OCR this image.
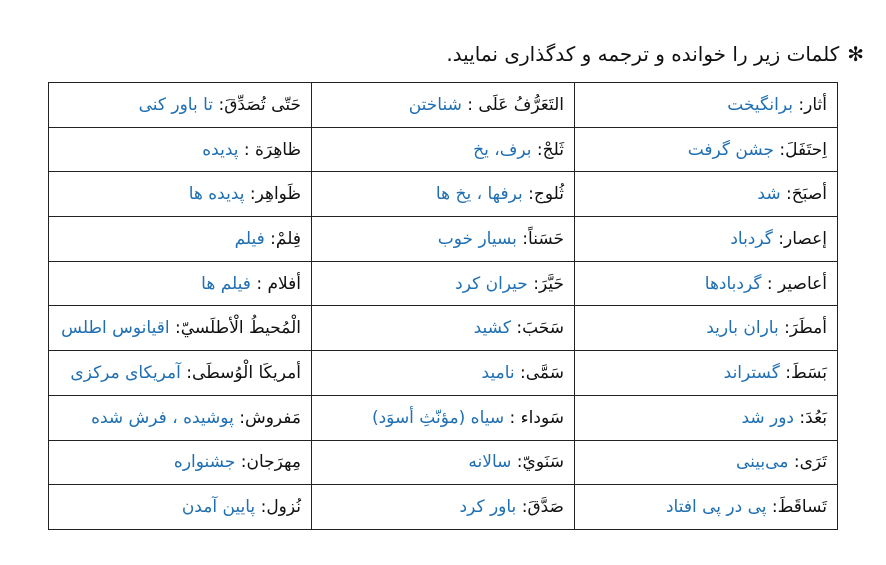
✻کلمات زیر را خوانده و ترجمه و کدگذاری نمایید.
أثار: برانگیخت	التَعَرُّفُ عَلَی : شناختن	حَتّی تُصَدِّقَ: تا باور کنی
اِحتَفَلَ: جشن گرفت	ثَلجْ: برف، یخ	ظاهِرَة : پدیده
أصبَحَ: شد	ثُلوج: برفها ، یخ ها	ظَواهِر: پدیده ها
إعصار: گردباد	حَسَناً: بسیار خوب	فِلمْ: فیلم
أعاصیر : گردبادها	حَیَّرَ: حیران کرد	أفلام : فیلم ها
أمطَرَ: باران بارید	سَحَبَ: کشید	الْمُحیطُ الْأطلَسيّ: اقیانوس اطلس
بَسَطَ: گستراند	سَمَّی: نامید	أمريكَا الْوُسطَی: آمریکای مرکزی
بَعُدَ: دور شد	سَوداء : سیاه (مؤنّثِ أسوَد)	مَفروش: پوشیده ، فرش شده
تَرَی: می‌بینی	سَنَويّ: سالانه	مِهرَجان: جشنواره
تَساقَطَ: پی در پی افتاد	صَدَّقَ: باور کرد	نُزول: پایین آمدن
